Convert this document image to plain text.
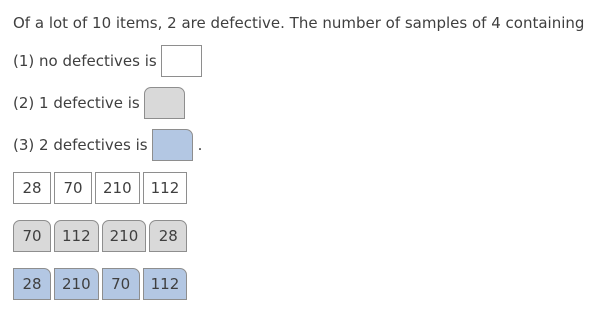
Of a lot of 10 items, 2 are defective. The number of samples of 4 containing
(1) no defectives is
(2) 1 defective is
(3) 2 defectives is	.
28	70	210	112
70	112	210	28
28	210	70	112
